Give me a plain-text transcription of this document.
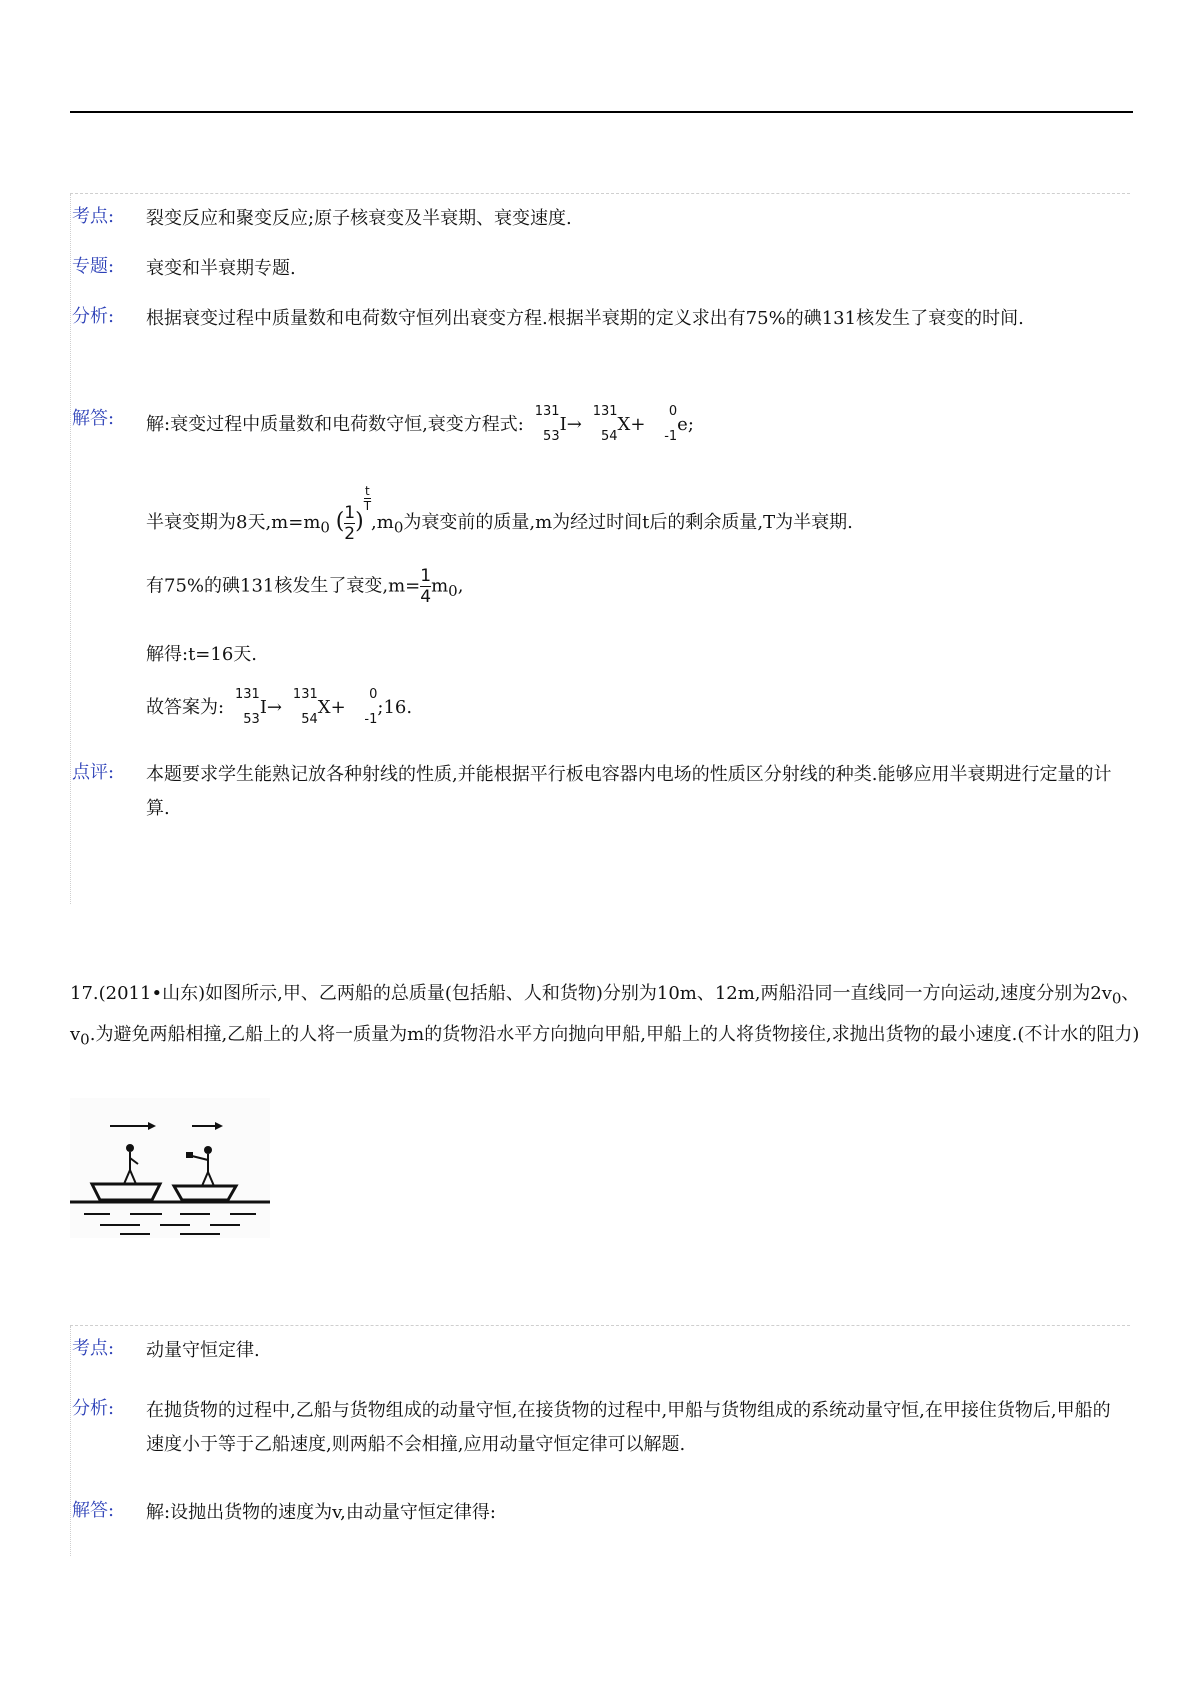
考点: 裂变反应和聚变反应;原子核衰变及半衰期、衰变速度.
专题: 衰变和半衰期专题.
分析: 根据衰变过程中质量数和电荷数守恒列出衰变方程.根据半衰期的定义求出有75%的碘131核发生了衰变的时间.
解答: 解:衰变过程中质量数和电荷数守恒,衰变方程式:
131
53
I→
131
54
X+
0
-1
e;
半衰变期为8天$,m=m_0$ ( $\frac{1}{2}$ )
$\frac{t}{T}$
$,m_0$为衰变前的质量,m为经过时间t后的剩余质量,T为半衰期.
有75%的碘131核发生了衰变$,m= \frac{1}{4} m_0$,
解得:t=16天.
故答案为:
131
53
I→
131
54
X+
0
-1
;16.
点评: 本题要求学生能熟记放各种射线的性质,并能根据平行板电容器内电场的性质区分射线的种类.能够应用半衰期进行定量的计算.
17.(2011•山东)如图所示,甲、乙两船的总质量(包括船、人和货物)分别为10m、12m,两船沿同一直线同一方向运动,速度分别为$2v_0$、$v_0$.为避免两船相撞,乙船上的人将一质量为m的货物沿水平方向抛向甲船,甲船上的人将货物接住,求抛出货物的最小速度.(不计水的阻力)
考点: 动量守恒定律.
分析: 在抛货物的过程中,乙船与货物组成的动量守恒,在接货物的过程中,甲船与货物组成的系统动量守恒,在甲接住货物后,甲船的速度小于等于乙船速度,则两船不会相撞,应用动量守恒定律可以解题.
解答: 解:设抛出货物的速度为v,由动量守恒定律得:
